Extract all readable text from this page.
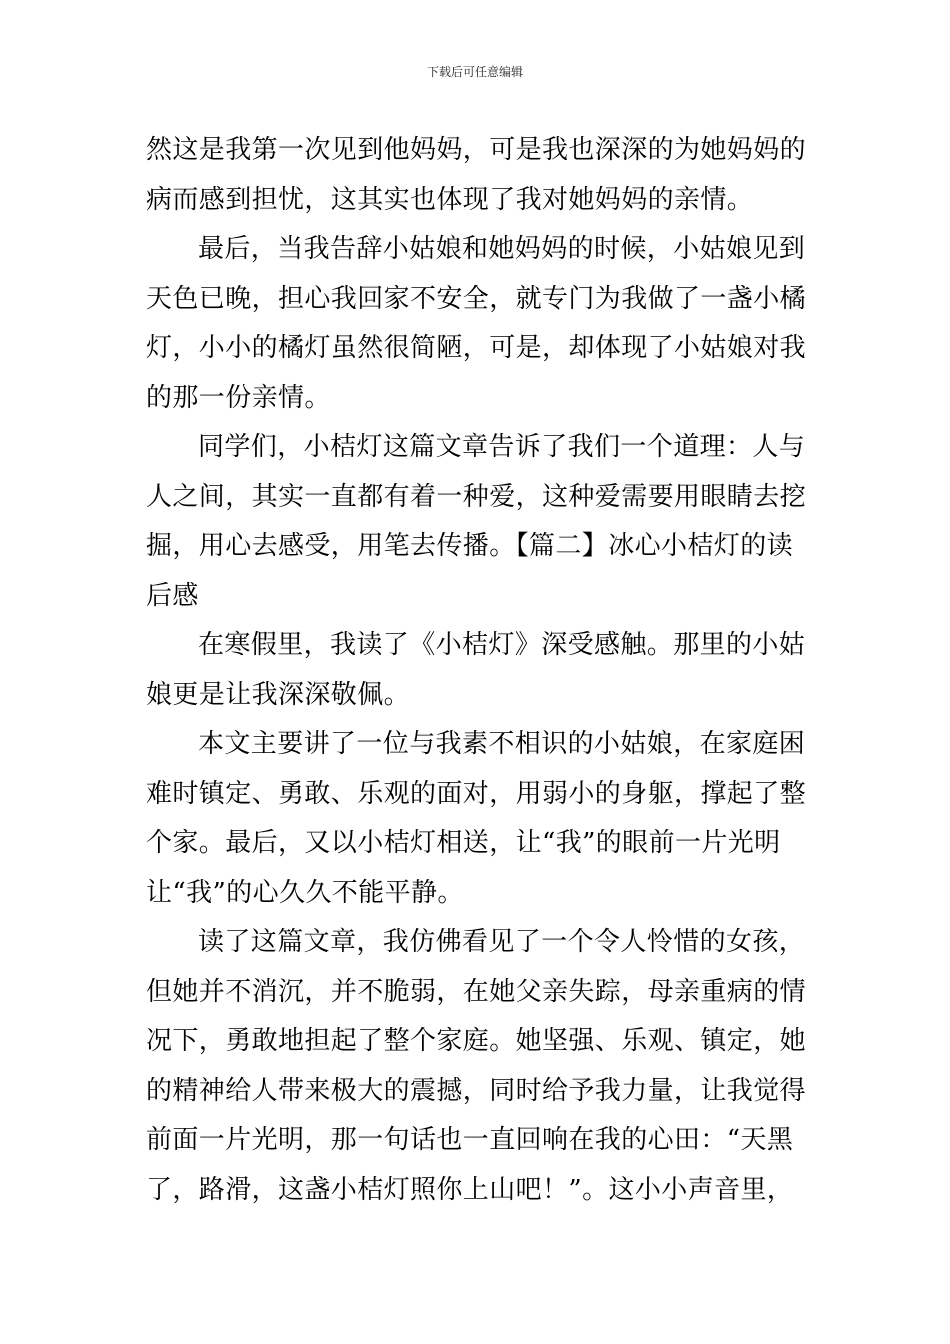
下载后可任意编辑
然这是我第一次见到他妈妈，可是我也深深的为她妈妈的
病而感到担忧，这其实也体现了我对她妈妈的亲情。
最后，当我告辞小姑娘和她妈妈的时候，小姑娘见到
天色已晚，担心我回家不安全，就专门为我做了一盏小橘
灯，小小的橘灯虽然很简陋，可是，却体现了小姑娘对我
的那一份亲情。
同学们，小桔灯这篇文章告诉了我们一个道理：人与
人之间，其实一直都有着一种爱，这种爱需要用眼睛去挖
掘，用心去感受，用笔去传播。【篇二】冰心小桔灯的读
后感
在寒假里，我读了《小桔灯》深受感触。那里的小姑
娘更是让我深深敬佩。
本文主要讲了一位与我素不相识的小姑娘，在家庭困
难时镇定、勇敢、乐观的面对，用弱小的身躯，撑起了整
个家。最后，又以小桔灯相送，让“我”的眼前一片光明
让“我”的心久久不能平静。
读了这篇文章，我仿佛看见了一个令人怜惜的女孩，
但她并不消沉，并不脆弱，在她父亲失踪，母亲重病的情
况下，勇敢地担起了整个家庭。她坚强、乐观、镇定，她
的精神给人带来极大的震撼，同时给予我力量，让我觉得
前面一片光明，那一句话也一直回响在我的心田：“天黑
了，路滑，这盏小桔灯照你上山吧！”。这小小声音里，
